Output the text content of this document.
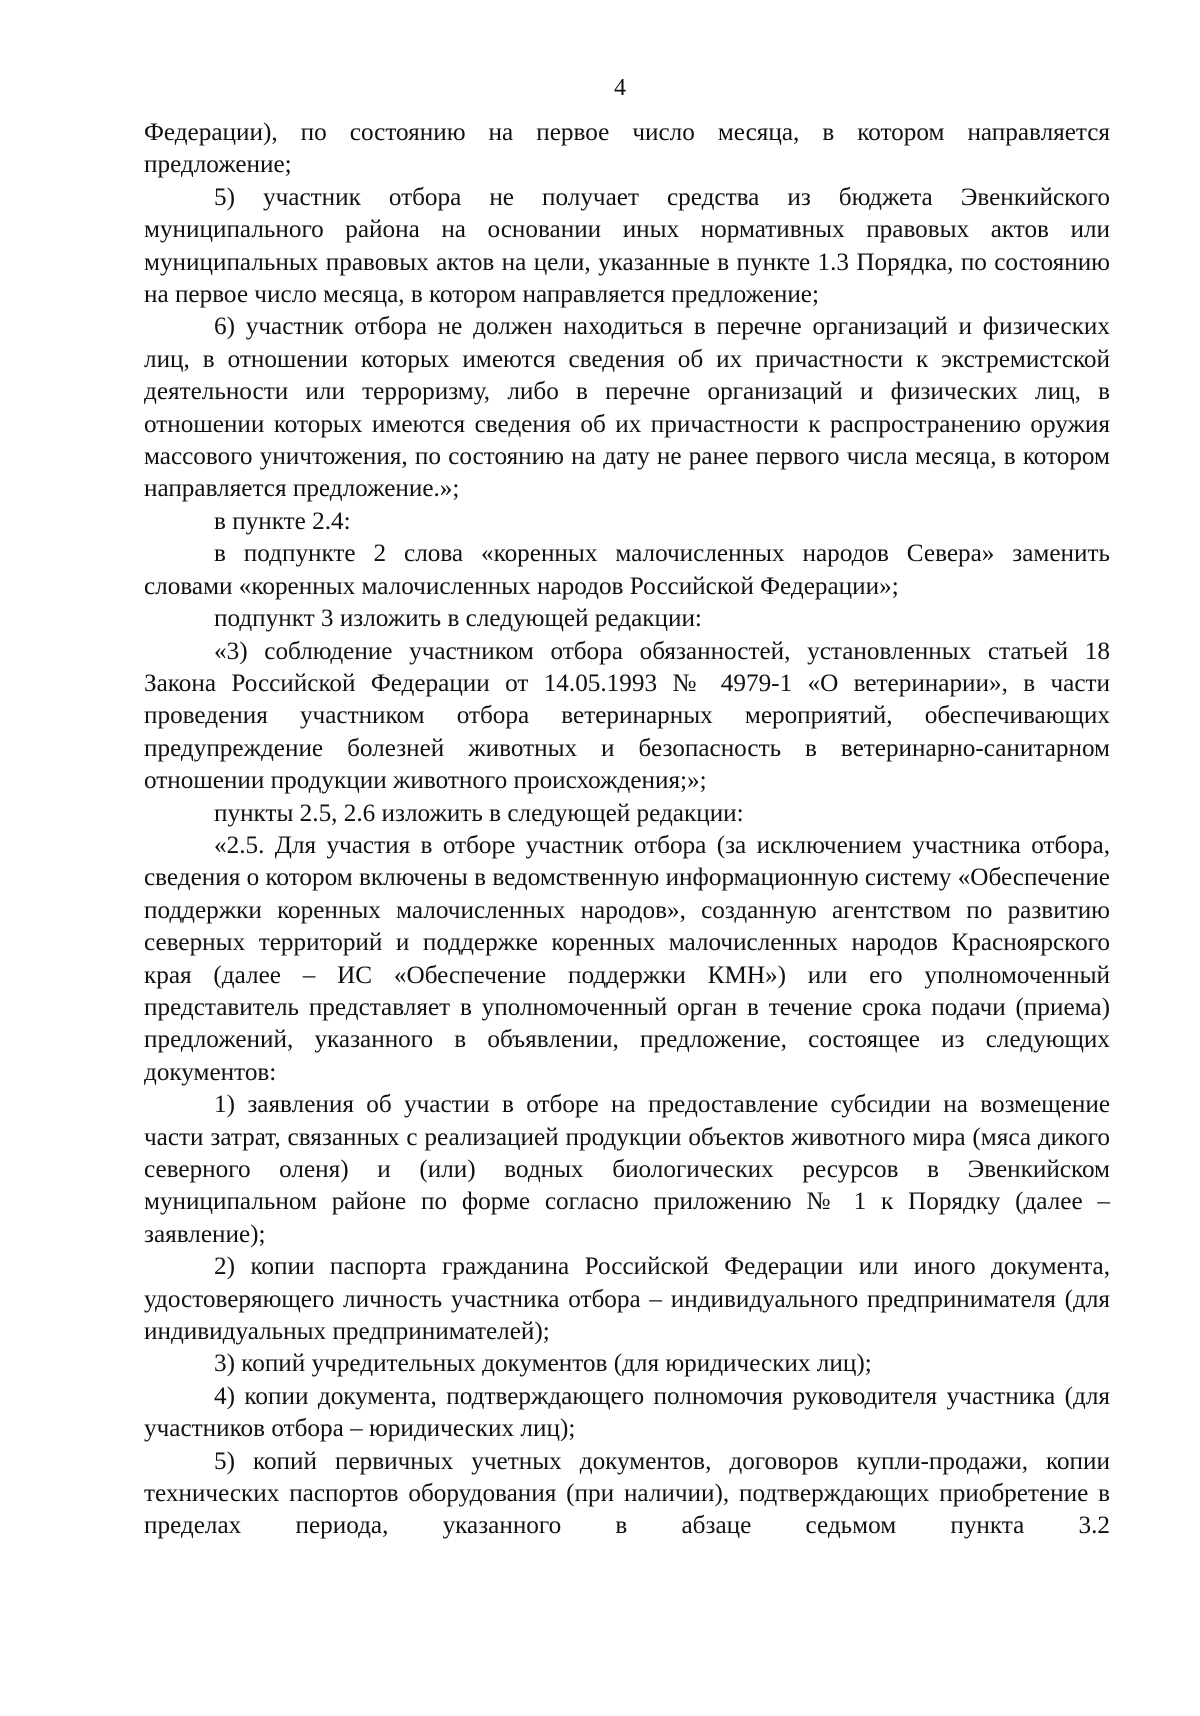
4

Федерации), по состоянию на первое число месяца, в котором направляется предложение;

5) участник отбора не получает средства из бюджета Эвенкийского муниципального района на основании иных нормативных правовых актов или муниципальных правовых актов на цели, указанные в пункте 1.3 Порядка, по состоянию на первое число месяца, в котором направляется предложение;

6) участник отбора не должен находиться в перечне организаций и физических лиц, в отношении которых имеются сведения об их причастности к экстремистской деятельности или терроризму, либо в перечне организаций и физических лиц, в отношении которых имеются сведения об их причастности к распространению оружия массового уничтожения, по состоянию на дату не ранее первого числа месяца, в котором направляется предложение.»;

в пункте 2.4:

в подпункте 2 слова «коренных малочисленных народов Севера» заменить словами «коренных малочисленных народов Российской Федерации»;

подпункт 3 изложить в следующей редакции:

«3) соблюдение участником отбора обязанностей, установленных статьей 18 Закона Российской Федерации от 14.05.1993 № 4979-1 «О ветеринарии», в части проведения участником отбора ветеринарных мероприятий, обеспечивающих предупреждение болезней животных и безопасность в ветеринарно-санитарном отношении продукции животного происхождения;»;

пункты 2.5, 2.6 изложить в следующей редакции:

«2.5. Для участия в отборе участник отбора (за исключением участника отбора, сведения о котором включены в ведомственную информационную систему «Обеспечение поддержки коренных малочисленных народов», созданную агентством по развитию северных территорий и поддержке коренных малочисленных народов Красноярского края (далее – ИС «Обеспечение поддержки КМН») или его уполномоченный представитель представляет в уполномоченный орган в течение срока подачи (приема) предложений, указанного в объявлении, предложение, состоящее из следующих документов:

1) заявления об участии в отборе на предоставление субсидии на возмещение части затрат, связанных с реализацией продукции объектов животного мира (мяса дикого северного оленя) и (или) водных биологических ресурсов в Эвенкийском муниципальном районе по форме согласно приложению № 1 к Порядку (далее – заявление);

2) копии паспорта гражданина Российской Федерации или иного документа, удостоверяющего личность участника отбора – индивидуального предпринимателя (для индивидуальных предпринимателей);

3) копий учредительных документов (для юридических лиц);

4) копии документа, подтверждающего полномочия руководителя участника (для участников отбора – юридических лиц);

5) копий первичных учетных документов, договоров купли-продажи, копии технических паспортов оборудования (при наличии), подтверждающих приобретение в пределах периода, указанного в абзаце седьмом пункта 3.2
